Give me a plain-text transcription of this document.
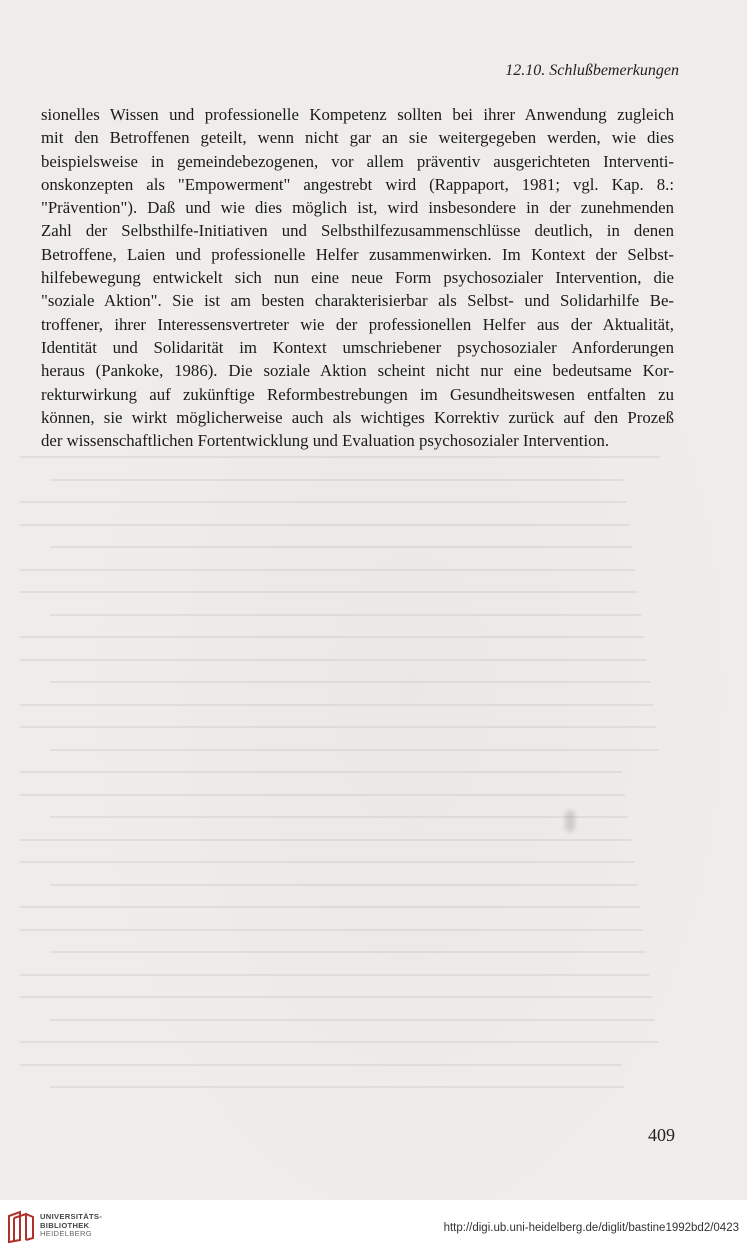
12.10. Schlußbemerkungen
sionelles Wissen und professionelle Kompetenz sollten bei ihrer Anwendung zugleich
mit den Betroffenen geteilt, wenn nicht gar an sie weitergegeben werden, wie dies
beispielsweise in gemeindebezogenen, vor allem präventiv ausgerichteten Interventi-
onskonzepten als "Empowerment" angestrebt wird (Rappaport, 1981; vgl. Kap. 8.:
"Prävention"). Daß und wie dies möglich ist, wird insbesondere in der zunehmenden
Zahl der Selbsthilfe-Initiativen und Selbsthilfezusammenschlüsse deutlich, in denen
Betroffene, Laien und professionelle Helfer zusammenwirken. Im Kontext der Selbst-
hilfebewegung entwickelt sich nun eine neue Form psychosozialer Intervention, die
"soziale Aktion". Sie ist am besten charakterisierbar als Selbst- und Solidarhilfe Be-
troffener, ihrer Interessensvertreter wie der professionellen Helfer aus der Aktualität,
Identität und Solidarität im Kontext umschriebener psychosozialer Anforderungen
heraus (Pankoke, 1986). Die soziale Aktion scheint nicht nur eine bedeutsame Kor-
rekturwirkung auf zukünftige Reformbestrebungen im Gesundheitswesen entfalten zu
können, sie wirkt möglicherweise auch als wichtiges Korrektiv zurück auf den Prozeß
der wissenschaftlichen Fortentwicklung und Evaluation psychosozialer Intervention.
409
UNIVERSITÄTS-
BIBLIOTHEK
HEIDELBERG	http://digi.ub.uni-heidelberg.de/diglit/bastine1992bd2/0423
